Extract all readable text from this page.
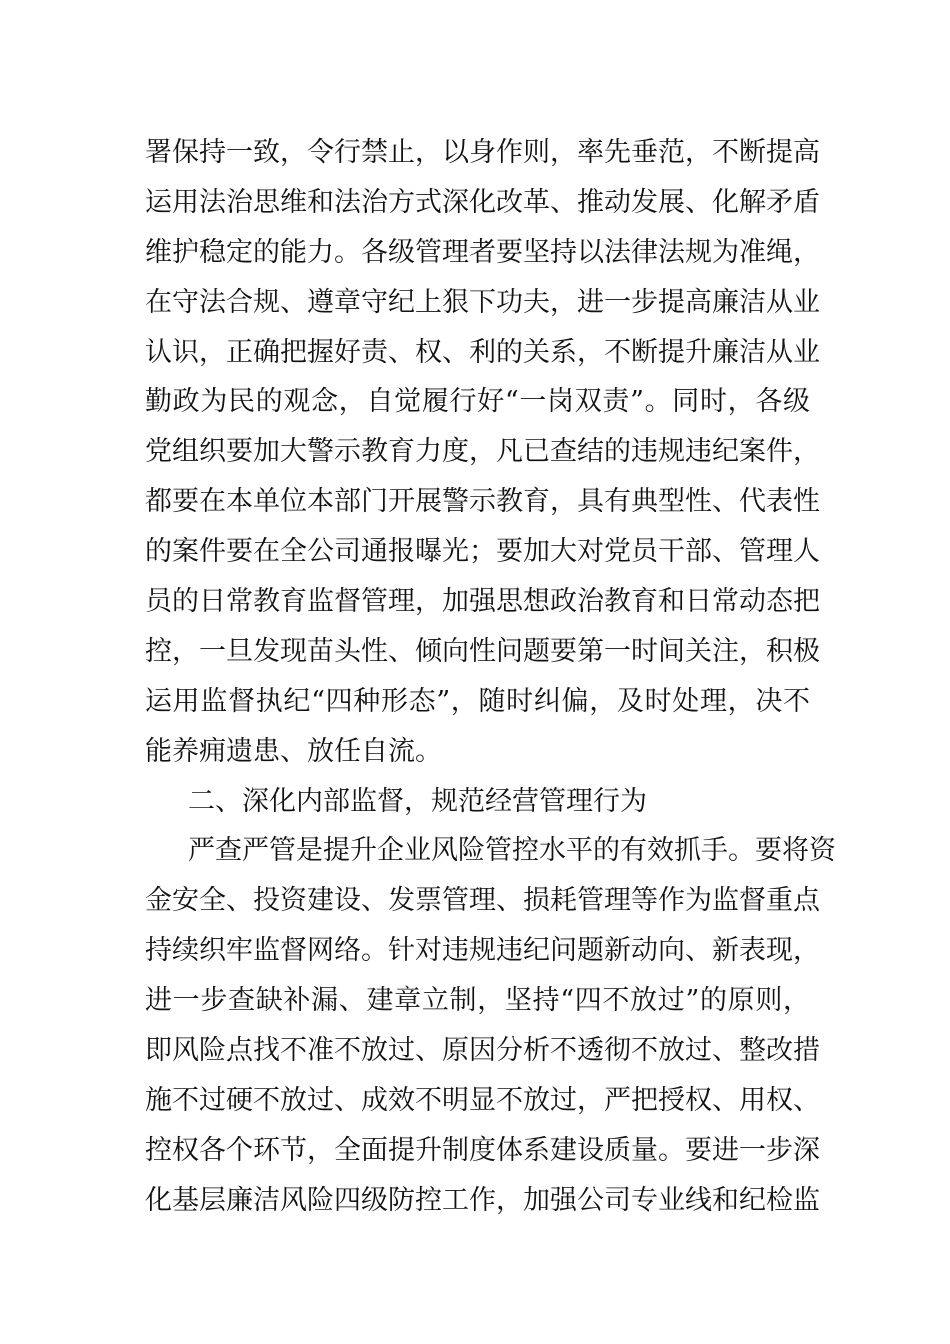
署保持一致，令行禁止，以身作则，率先垂范，不断提高
运用法治思维和法治方式深化改革、推动发展、化解矛盾
维护稳定的能力。各级管理者要坚持以法律法规为准绳，
在守法合规、遵章守纪上狠下功夫，进一步提高廉洁从业
认识，正确把握好责、权、利的关系，不断提升廉洁从业
勤政为民的观念，自觉履行好“一岗双责”。同时，各级
党组织要加大警示教育力度，凡已查结的违规违纪案件，
都要在本单位本部门开展警示教育，具有典型性、代表性
的案件要在全公司通报曝光；要加大对党员干部、管理人
员的日常教育监督管理，加强思想政治教育和日常动态把
控，一旦发现苗头性、倾向性问题要第一时间关注，积极
运用监督执纪“四种形态”，随时纠偏，及时处理，决不
能养痈遗患、放任自流。
二、深化内部监督，规范经营管理行为
严查严管是提升企业风险管控水平的有效抓手。要将资
金安全、投资建设、发票管理、损耗管理等作为监督重点
持续织牢监督网络。针对违规违纪问题新动向、新表现，
进一步查缺补漏、建章立制，坚持“四不放过”的原则，
即风险点找不准不放过、原因分析不透彻不放过、整改措
施不过硬不放过、成效不明显不放过，严把授权、用权、
控权各个环节，全面提升制度体系建设质量。要进一步深
化基层廉洁风险四级防控工作，加强公司专业线和纪检监
